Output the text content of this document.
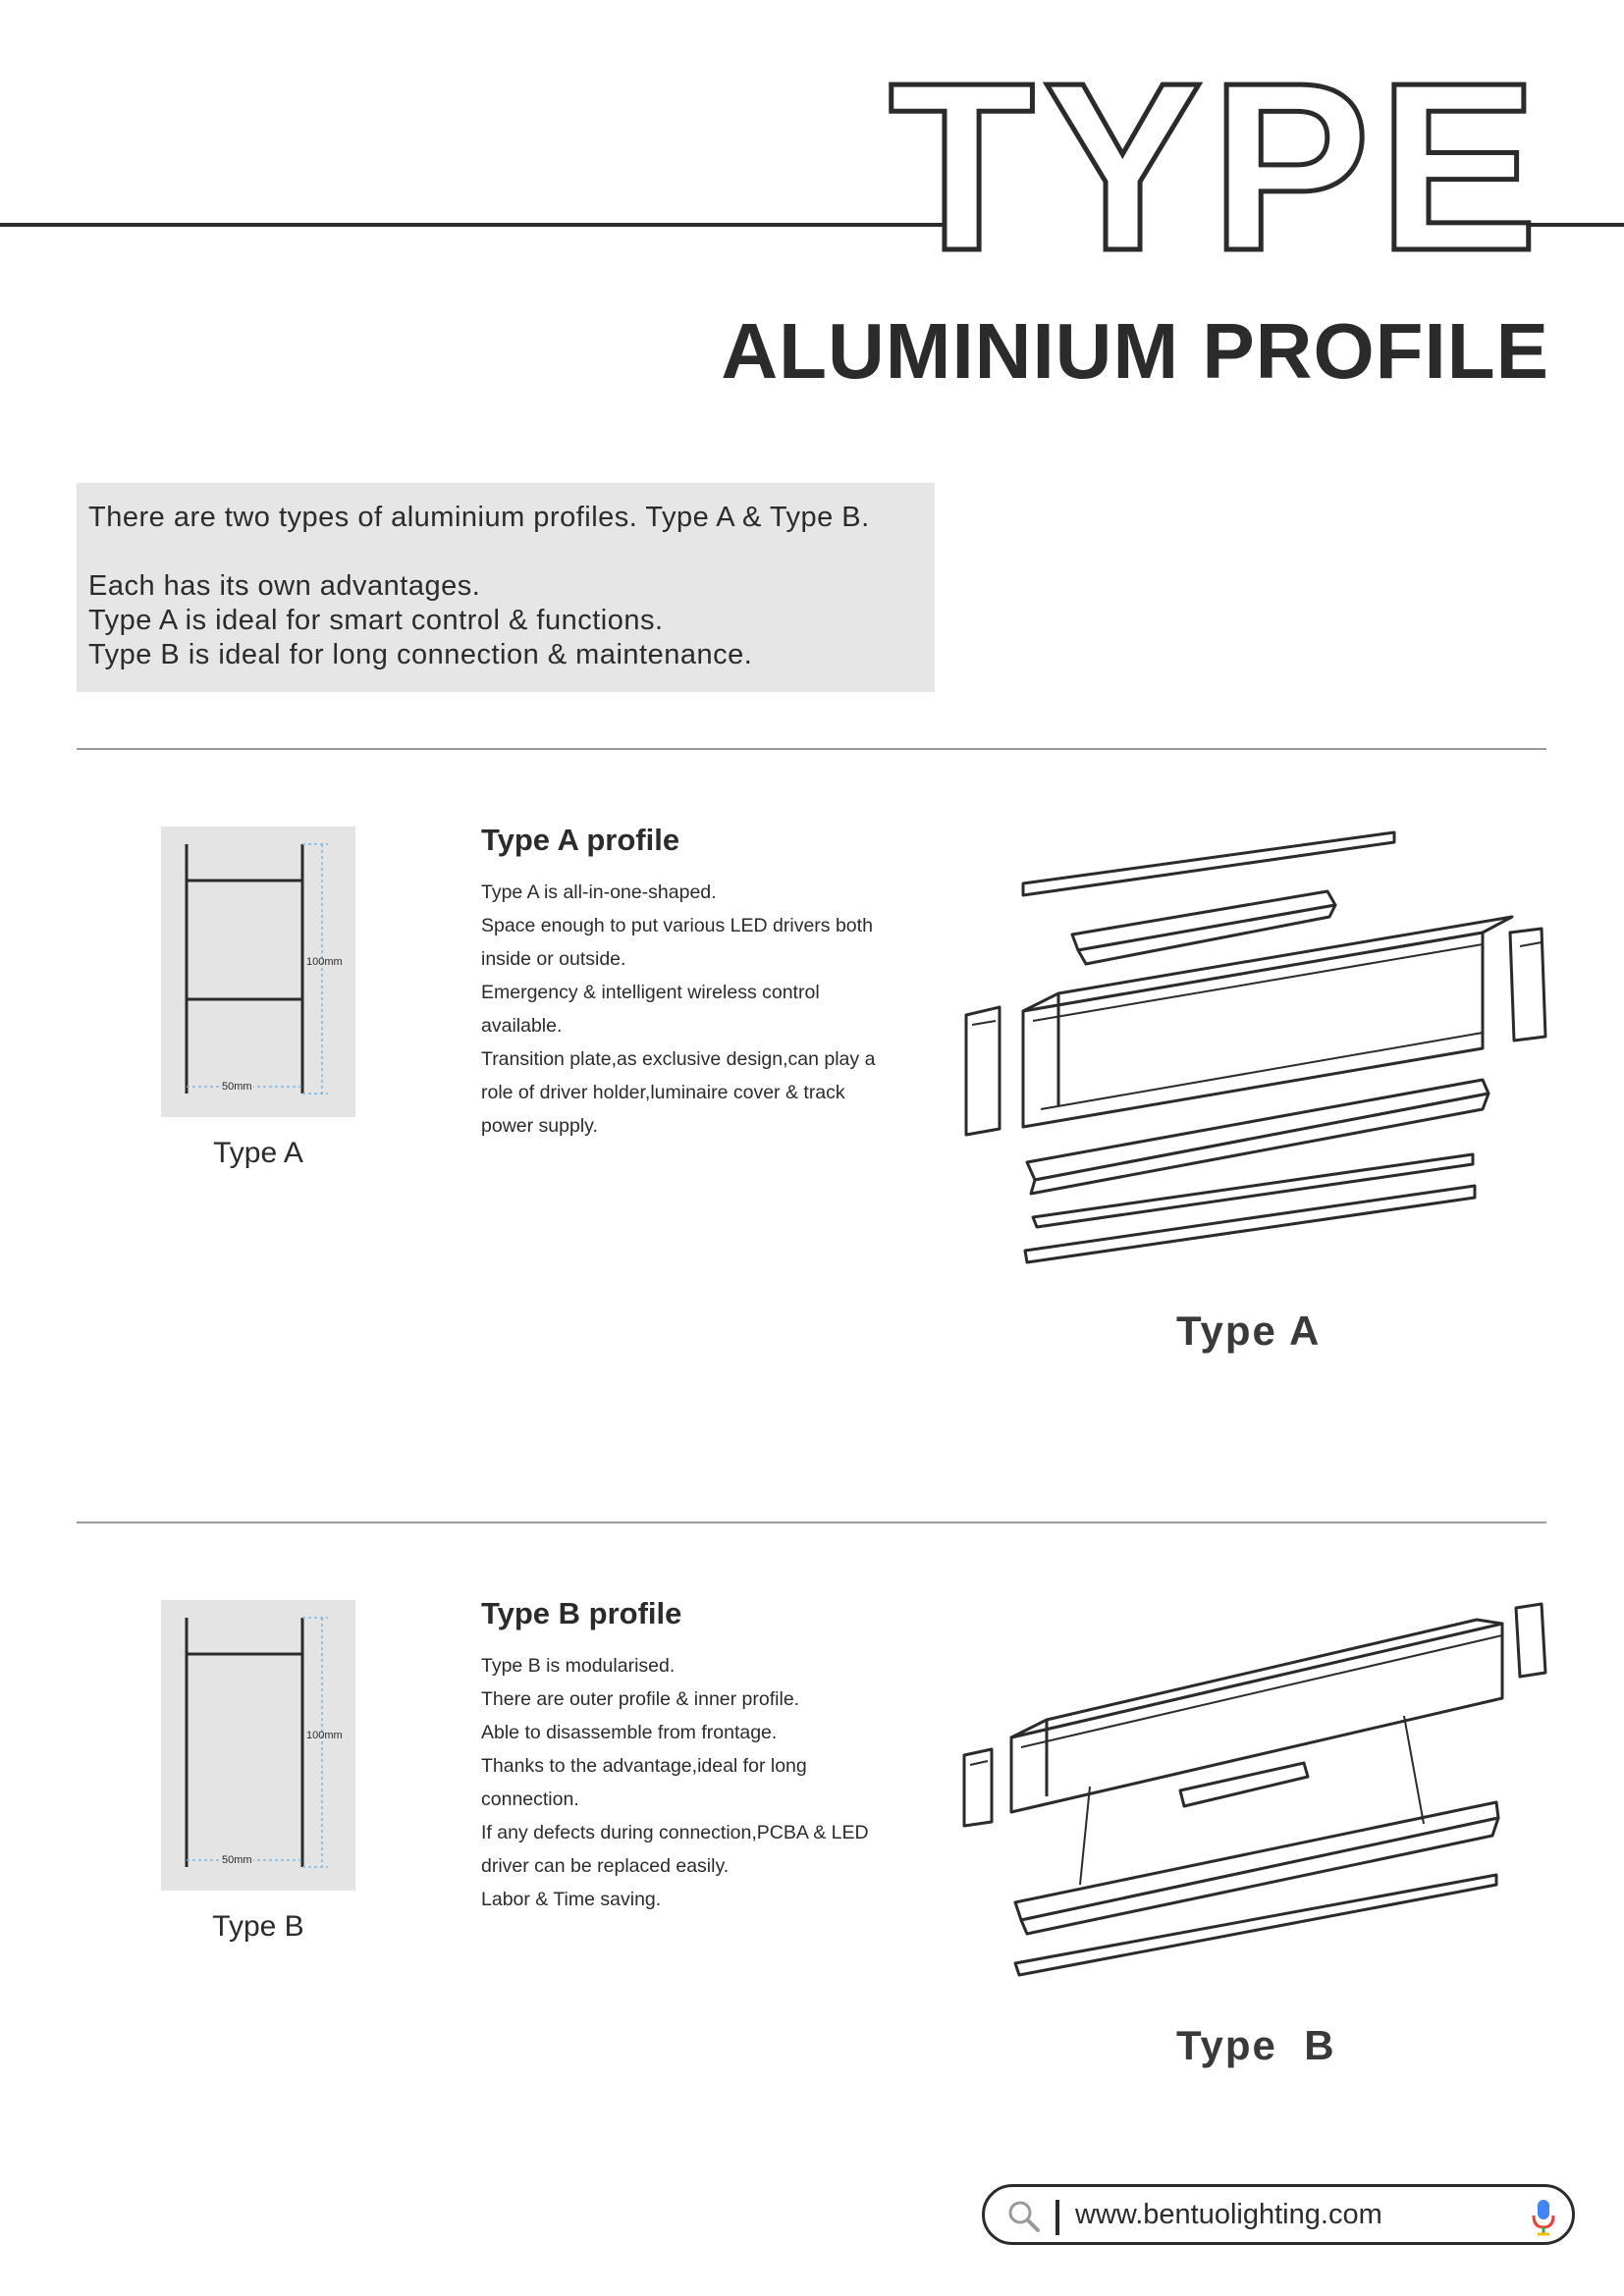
TYPE
ALUMINIUM PROFILE

There are two types of aluminium profiles. Type A & Type B.

Each has its own advantages.

Type A is ideal for smart control & functions.

Type B is ideal for long connection & maintenance.

100mm
50mm
Type A
Type A profile

Type A is all-in-one-shaped.

Space enough to put various LED drivers both

inside or outside.

Emergency & intelligent wireless control

available.

Transition plate,as exclusive design,can play a

role of driver holder,luminaire cover & track

power supply.

Type A
100mm
50mm
Type B
Type B profile

Type B is modularised.

There are outer profile & inner profile.

Able to disassemble from frontage.

Thanks to the advantage,ideal for long

connection.

If any defects during connection,PCBA & LED

driver can be replaced easily.

Labor & Time saving.

Type  B
www.bentuolighting.com
